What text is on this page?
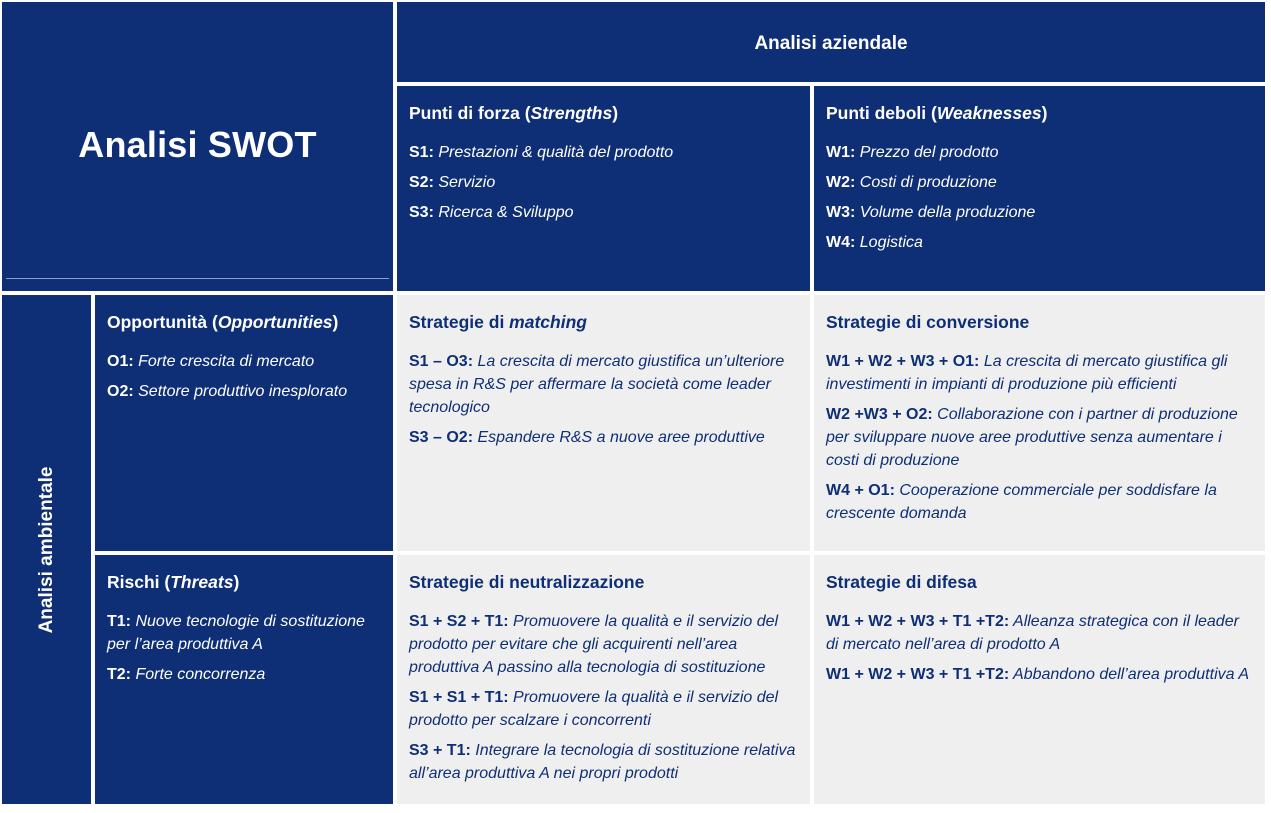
Analisi SWOT
Analisi aziendale
Punti di forza (Strengths)
S1: Prestazioni & qualità del prodotto
S2: Servizio
S3: Ricerca & Sviluppo
Punti deboli (Weaknesses)
W1: Prezzo del prodotto
W2: Costi di produzione
W3: Volume della produzione
W4: Logistica
Analisi ambientale
Opportunità (Opportunities)
O1: Forte crescita di mercato
O2: Settore produttivo inesplorato
Strategie di matching
S1 – O3: La crescita di mercato giustifica un’ulteriore spesa in R&S per affermare la società come leader tecnologico
S3 – O2: Espandere R&S a nuove aree produttive
Strategie di conversione
W1 + W2 + W3 + O1: La crescita di mercato giustifica gli investimenti in impianti di produzione più efficienti
W2 +W3 + O2: Collaborazione con i partner di produzione per sviluppare nuove aree produttive senza aumentare i costi di produzione
W4 + O1: Cooperazione commerciale per soddisfare la crescente domanda
Rischi (Threats)
T1: Nuove tecnologie di sostituzione per l’area produttiva A
T2: Forte concorrenza
Strategie di neutralizzazione
S1 + S2 + T1: Promuovere la qualità e il servizio del prodotto per evitare che gli acquirenti nell’area produttiva A passino alla tecnologia di sostituzione
S1 + S1 + T1: Promuovere la qualità e il servizio del prodotto per scalzare i concorrenti
S3 + T1: Integrare la tecnologia di sostituzione relativa all’area produttiva A nei propri prodotti
Strategie di difesa
W1 + W2 + W3 + T1 +T2: Alleanza strategica con il leader di mercato nell’area di prodotto A
W1 + W2 + W3 + T1 +T2: Abbandono dell’area produttiva A
